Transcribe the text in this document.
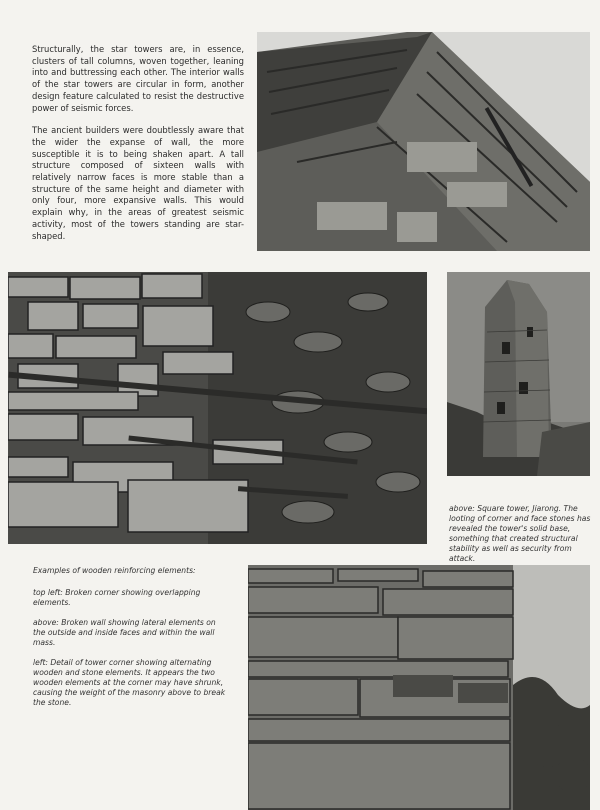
Structurally, the star towers are, in essence, clusters of tall columns, woven together, leaning into and buttressing each other. The interior walls of the star towers are circular in form, another design feature calculated to resist the destructive power of seismic forces.

The ancient builders were doubtlessly aware that the wider the expanse of wall, the more susceptible it is to being shaken apart. A tall structure composed of sixteen walls with relatively narrow faces is more stable than a structure of the same height and diameter with only four, more expansive walls. This would explain why, in the areas of greatest seismic activity, most of the towers standing are star-shaped.

above: Square tower, Jiarong. The looting of corner and face stones has revealed the tower's solid base, something that created structural stability as well as security from attack.

Examples of wooden reinforcing elements:

top left: Broken corner showing overlapping elements.

above: Broken wall showing lateral elements on the outside and inside faces and within the wall mass.

left: Detail of tower corner showing alternating wooden and stone elements. It appears the two wooden elements at the corner may have shrunk, causing the weight of the masonry above to break the stone.
